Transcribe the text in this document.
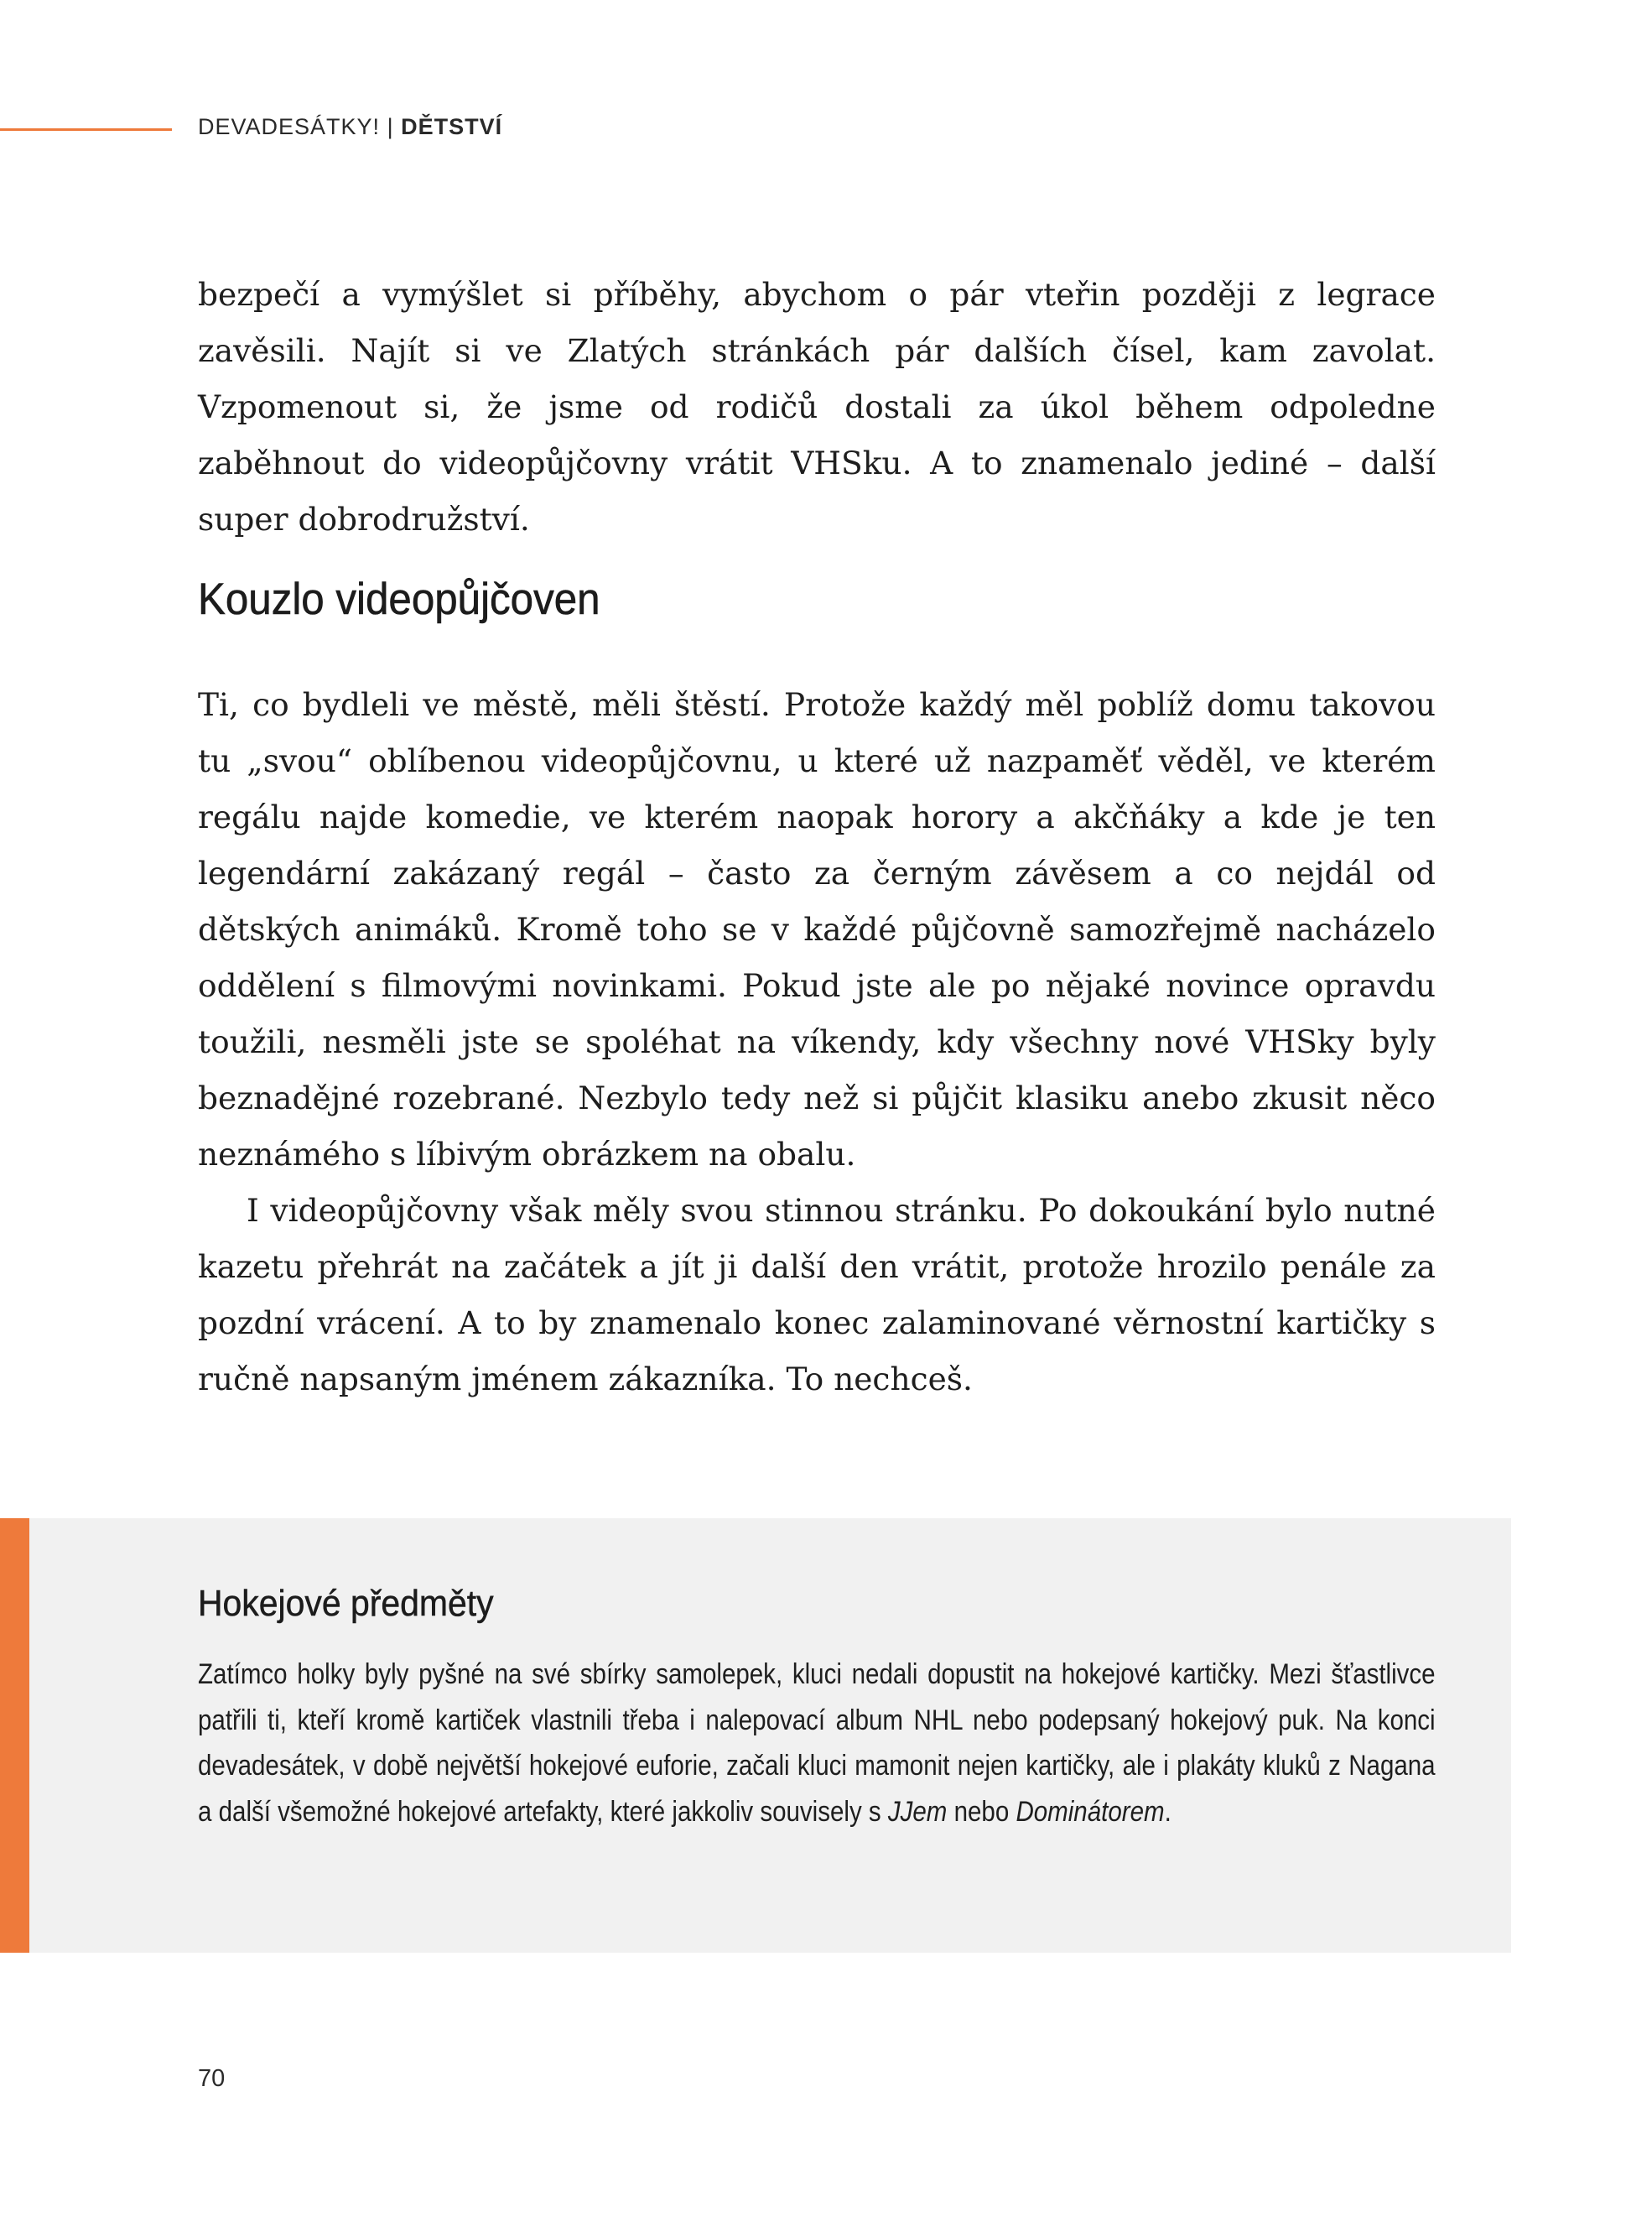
DEVADESÁTKY! | DĚTSTVÍ

bezpečí a vymýšlet si příběhy, abychom o pár vteřin později z legrace zavěsili. Najít si ve Zlatých stránkách pár dalších čísel, kam zavolat. Vzpomenout si, že jsme od rodičů dostali za úkol během odpoledne zaběhnout do videopůjčovny vrátit VHSku. A to znamenalo jediné – další super dobrodružství.

Kouzlo videopůjčoven

Ti, co bydleli ve městě, měli štěstí. Protože každý měl poblíž domu takovou tu „svou“ oblíbenou videopůjčovnu, u které už nazpaměť věděl, ve kterém regálu najde komedie, ve kterém naopak horory a akčňáky a kde je ten legendární zakázaný regál – často za černým závěsem a co nejdál od dětských animáků. Kromě toho se v každé půjčovně samozřejmě nacházelo oddělení s filmovými novinkami. Pokud jste ale po nějaké novince opravdu toužili, nesměli jste se spoléhat na víkendy, kdy všechny nové VHSky byly beznadějné rozebrané. Nezbylo tedy než si půjčit klasiku anebo zkusit něco neznámého s líbivým obrázkem na obalu.

I videopůjčovny však měly svou stinnou stránku. Po dokoukání bylo nutné kazetu přehrát na začátek a jít ji další den vrátit, protože hrozilo penále za pozdní vrácení. A to by znamenalo konec zalaminované věrnostní kartičky s ručně napsaným jménem zákazníka. To nechceš.

Hokejové předměty

Zatímco holky byly pyšné na své sbírky samolepek, kluci nedali dopustit na hokejové kartičky. Mezi šťastlivce patřili ti, kteří kromě kartiček vlastnili třeba i nalepovací album NHL nebo podepsaný hokejový puk. Na konci devadesátek, v době největší hokejové euforie, začali kluci mamonit nejen kartičky, ale i plakáty kluků z Nagana a další všemožné hokejové artefakty, které jakkoliv souvisely s JJem nebo Dominátorem.

70
